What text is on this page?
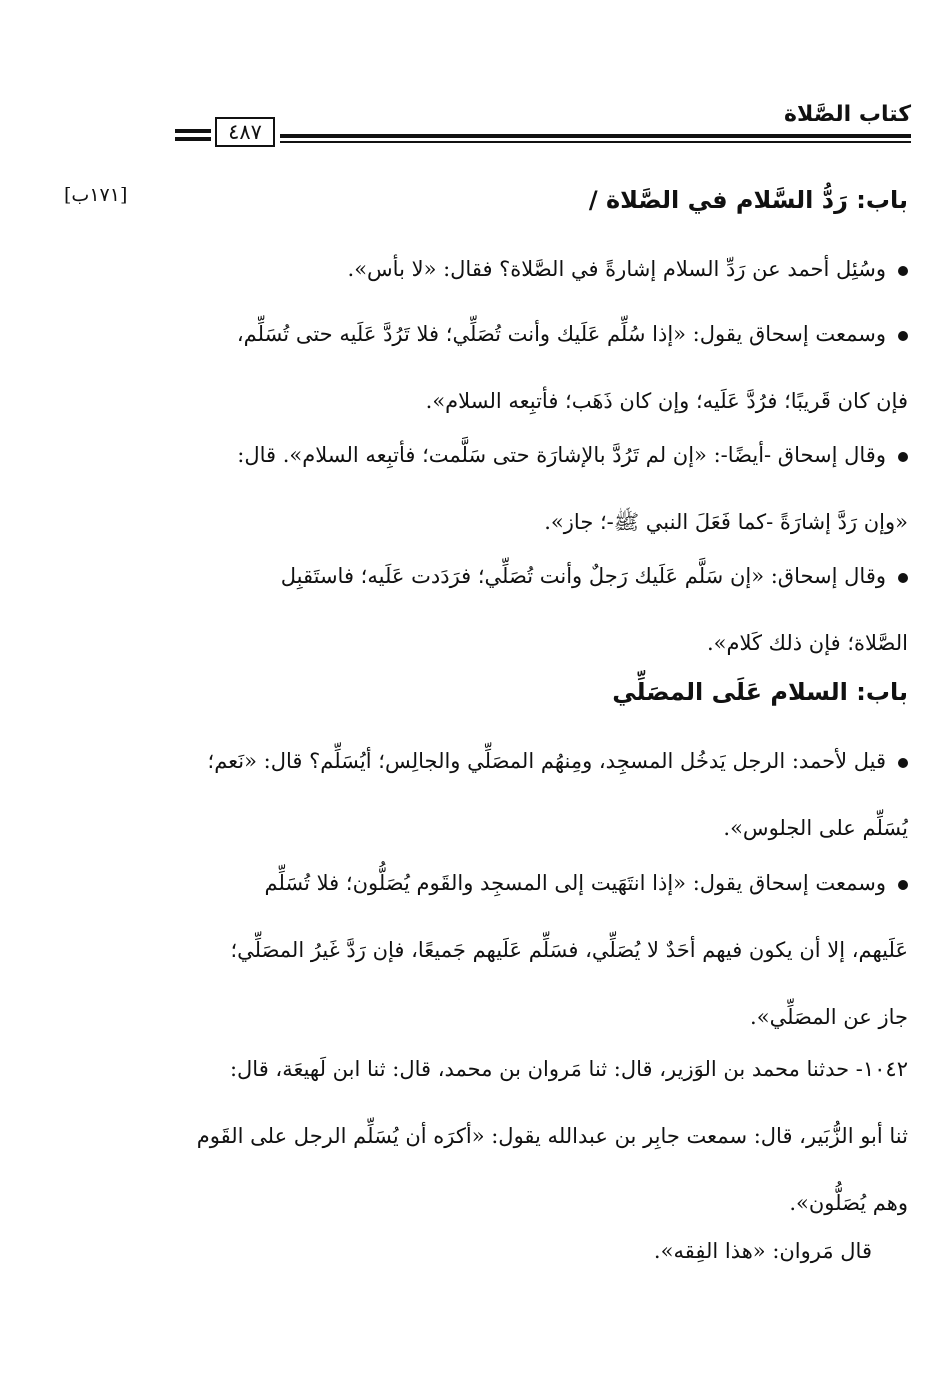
كتاب الصَّلاة
٤٨٧
[١٧١ب]	باب: رَدُّ السَّلام في الصَّلاة /
وسُئِل أحمد عن رَدِّ السلام إشارةً في الصَّلاة؟ فقال: «لا بأس».
وسمعت إسحاق يقول: «إذا سُلِّم عَلَيك وأنت تُصَلِّي؛ فلا تَرُدَّ عَلَيه حتى تُسَلِّم،
فإن كان قَريبًا؛ فرُدَّ عَلَيه؛ وإن كان ذَهَب؛ فأتبِعه السلام».
وقال إسحاق -أيضًا-: «إن لم تَرُدَّ بالإشارَة حتى سَلَّمت؛ فأتبِعه السلام». قال:
«وإن رَدَّ إشارَةً -كما فَعَلَ النبي ﷺ-؛ جاز».
وقال إسحاق: «إن سَلَّم عَلَيك رَجلٌ وأنت تُصَلِّي؛ فرَدَدت عَلَيه؛ فاستَقبِل
الصَّلاة؛ فإن ذلك كَلام».
باب: السلام عَلَى المصَلِّي
قيل لأحمد: الرجل يَدخُل المسجِد، ومِنهُم المصَلِّي والجالِس؛ أيُسَلِّم؟ قال: «نَعم؛
يُسَلِّم على الجلوس».
وسمعت إسحاق يقول: «إذا انتَهَيت إلى المسجِد والقَوم يُصَلُّون؛ فلا تُسَلِّم
عَلَيهم، إلا أن يكون فيهم أحَدٌ لا يُصَلِّي، فسَلِّم عَلَيهم جَميعًا، فإن رَدَّ غَيرُ المصَلِّي؛
جاز عن المصَلِّي».
١٠٤٢- حدثنا محمد بن الوَزير، قال: ثنا مَروان بن محمد، قال: ثنا ابن لَهيعَة، قال:
ثنا أبو الزُّبَير، قال: سمعت جابِر بن عبدالله يقول: «أكرَه أن يُسَلِّم الرجل على القَوم
وهم يُصَلُّون».
قال مَروان: «هذا الفِقه».
